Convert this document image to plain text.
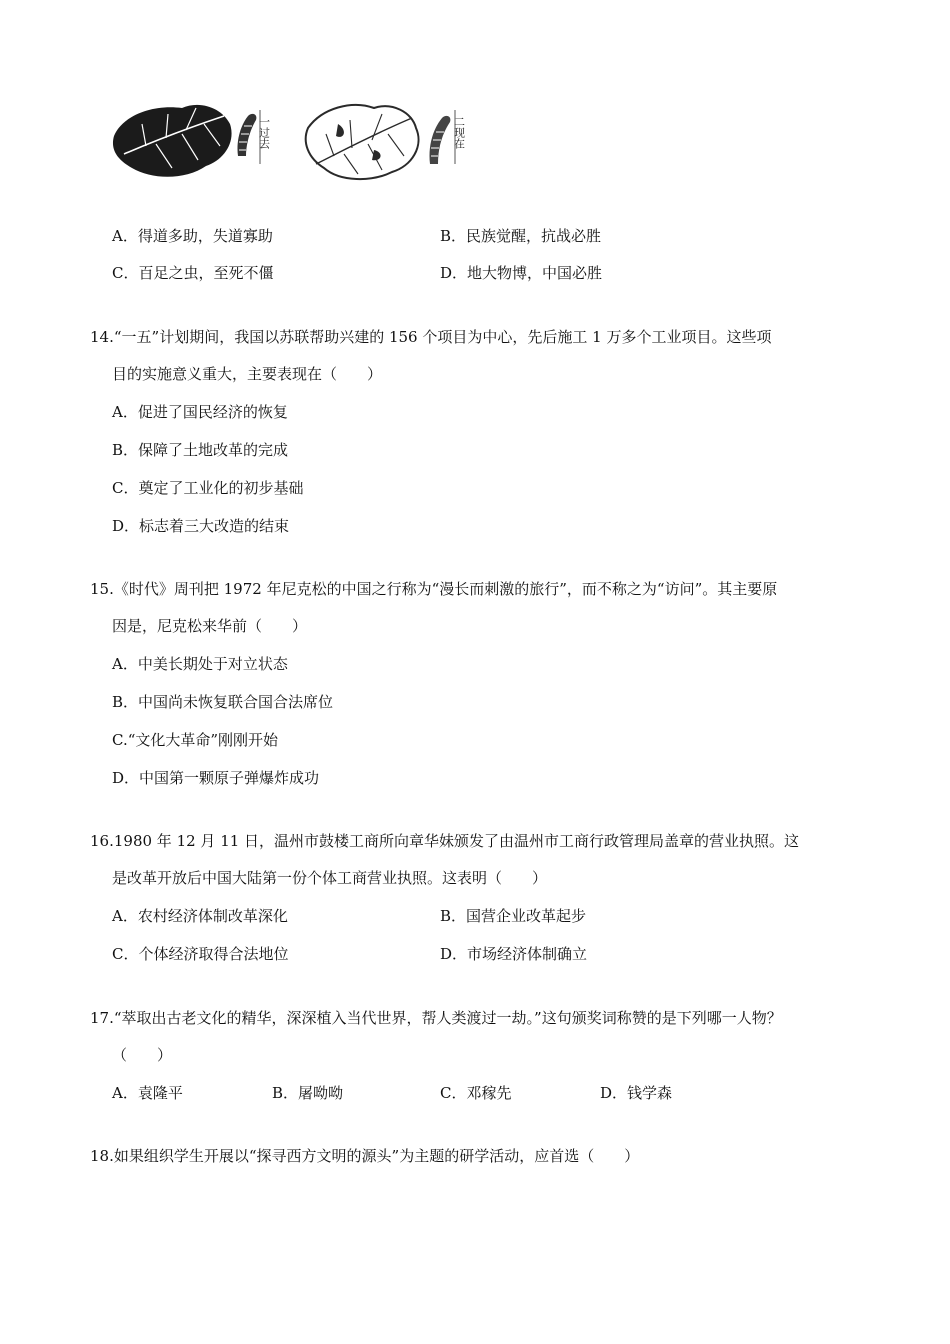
一过去	二现在
A．得道多助，失道寡助	B．民族觉醒，抗战必胜
C．百足之虫，至死不僵	D．地大物博，中国必胜
14.“一五”计划期间，我国以苏联帮助兴建的 156 个项目为中心，先后施工 1 万多个工业项目。这些项
目的实施意义重大，主要表现在（　　）
A．促进了国民经济的恢复
B．保障了土地改革的完成
C．奠定了工业化的初步基础
D．标志着三大改造的结束
15.《时代》周刊把 1972 年尼克松的中国之行称为“漫长而刺激的旅行”，而不称之为“访问”。其主要原
因是，尼克松来华前（　　）
A．中美长期处于对立状态
B．中国尚未恢复联合国合法席位
C.“文化大革命”刚刚开始
D．中国第一颗原子弹爆炸成功
16.1980 年 12 月 11 日，温州市鼓楼工商所向章华妹颁发了由温州市工商行政管理局盖章的营业执照。这
是改革开放后中国大陆第一份个体工商营业执照。这表明（　　）
A．农村经济体制改革深化	B．国营企业改革起步
C．个体经济取得合法地位	D．市场经济体制确立
17.“萃取出古老文化的精华，深深植入当代世界，帮人类渡过一劫。”这句颁奖词称赞的是下列哪一人物？
（　　）
A．袁隆平	B．屠呦呦	C．邓稼先	D．钱学森
18.如果组织学生开展以“探寻西方文明的源头”为主题的研学活动，应首选（　　）
